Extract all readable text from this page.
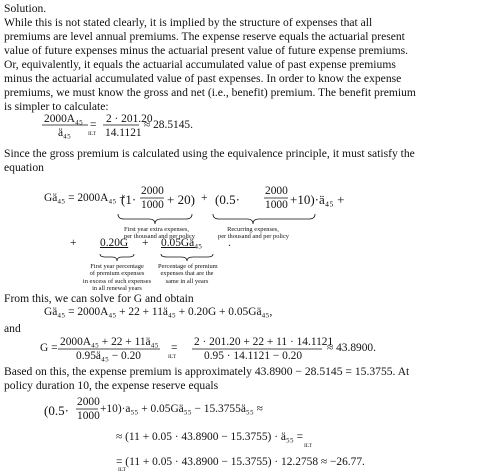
Solution.
While this is not stated clearly, it is implied by the structure of expenses that all
premiums are level annual premiums. The expense reserve equals the actuarial present
value of future expenses minus the actuarial present value of future expense premiums.
Or, equivalently, it equals the actuarial accumulated value of past expense premiums
minus the actuarial accumulated value of past expenses. In order to know the expense
premiums, we must know the gross and net (i.e., benefit) premium. The benefit premium
is simpler to calculate:
2000A₄₅
ä₄₅
=
ILT
2 · 201.20
14.1121
≈ 28.5145.
Since the gross premium is calculated using the equivalence principle, it must satisfy the
equation
Gä₄₅ = 2000A₄₅ +
(1·
2000
1000 + 20) + (0.5·
2000
1000 +10)·ä₄₅ +
First year extra expenses,
per thousand and per policy
Recurring expenses,
per thousand and per policy
+ 0.20G + 0.05Gä₄₅ .
First year percentage
of premium expenses
in excess of such expenses
in all renewal years
Percentage of premium
expenses that are the
same in all years
From this, we can solve for G and obtain
Gä₄₅ = 2000A₄₅ + 22 + 11ä₄₅ + 0.20G + 0.05Gä₄₅,
and
G = 2000A₄₅ + 22 + 11ä₄₅
0.95ä₄₅ − 0.20
=
ILT
2 · 201.20 + 22 + 11 · 14.1121
0.95 · 14.1121 − 0.20
≈ 43.8900.
Based on this, the expense premium is approximately 43.8900 − 28.5145 = 15.3755. At
policy duration 10, the expense reserve equals
(0.5·
2000
1000
+10)·a₅₅ + 0.05Gä₅₅ − 15.3755ä₅₅ ≈
≈ (11 + 0.05 · 43.8900 − 15.3755) · ä₅₅ =
ILT
= (11 + 0.05 · 43.8900 − 15.3755) · 12.2758 ≈ −26.77.
ILT
